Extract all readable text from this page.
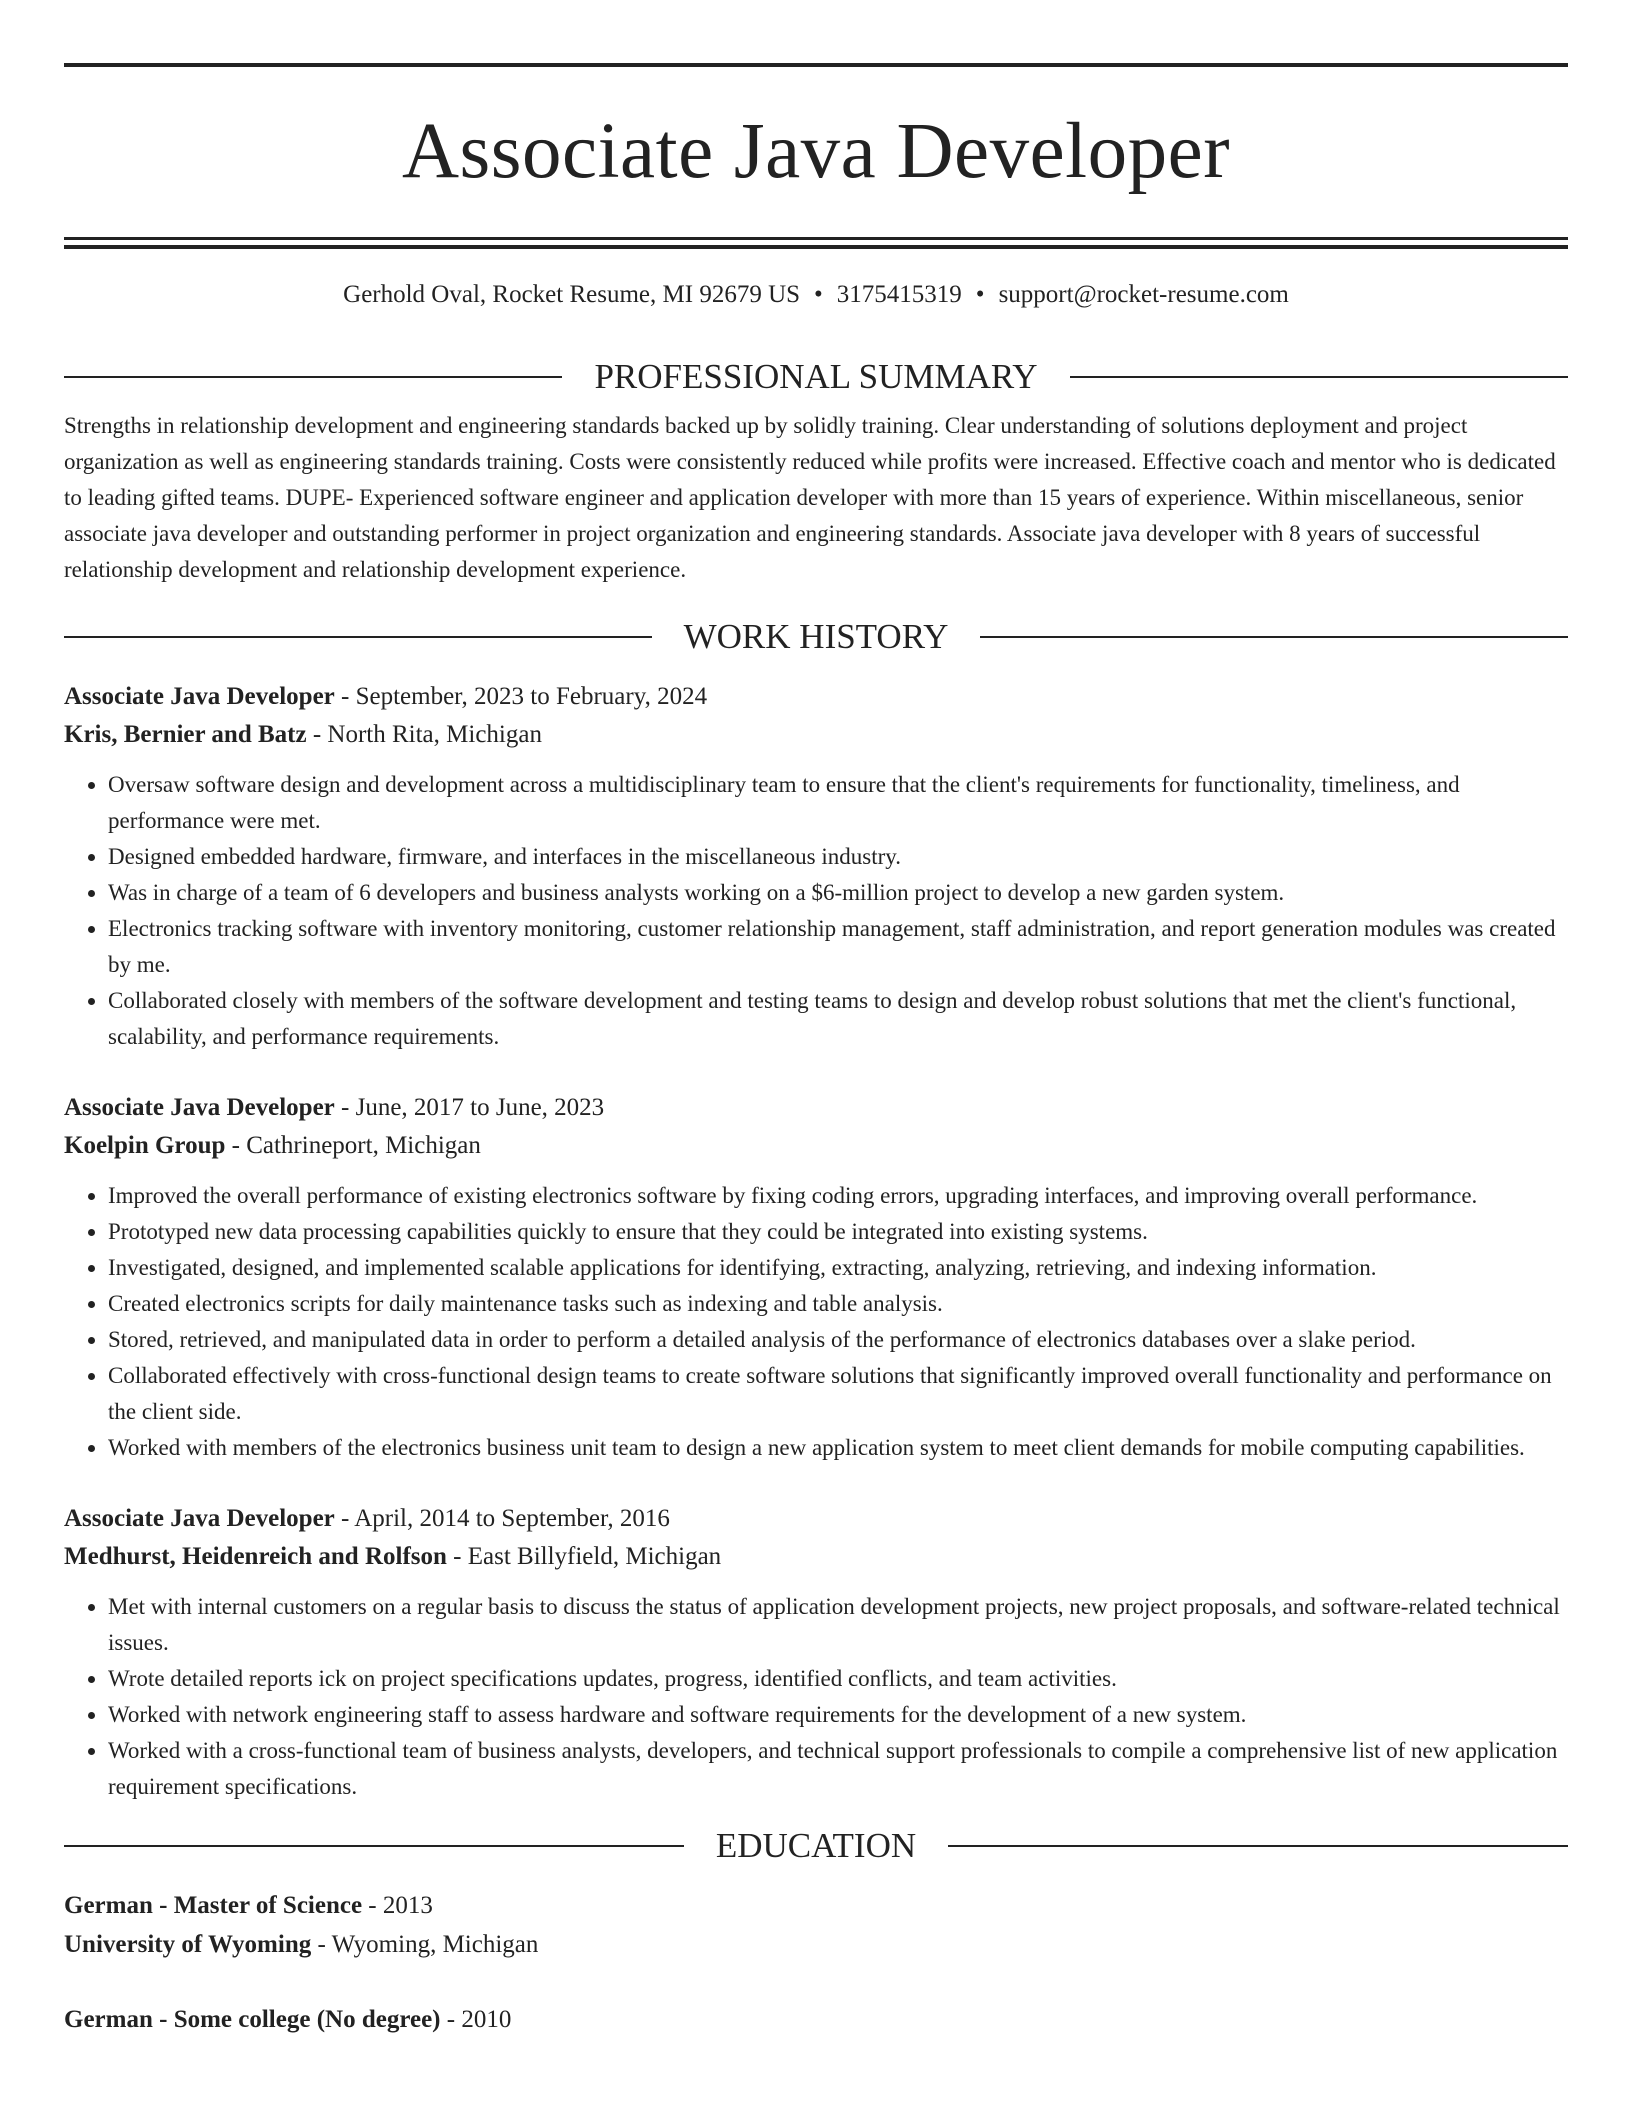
Associate Java Developer
Gerhold Oval, Rocket Resume, MI 92679 US • 3175415319 • support@rocket-resume.com
PROFESSIONAL SUMMARY
Strengths in relationship development and engineering standards backed up by solidly training. Clear understanding of solutions deployment and project organization as well as engineering standards training. Costs were consistently reduced while profits were increased. Effective coach and mentor who is dedicated to leading gifted teams. DUPE- Experienced software engineer and application developer with more than 15 years of experience. Within miscellaneous, senior associate java developer and outstanding performer in project organization and engineering standards. Associate java developer with 8 years of successful relationship development and relationship development experience.
WORK HISTORY
Associate Java Developer - September, 2023 to February, 2024
Kris, Bernier and Batz - North Rita, Michigan
• Oversaw software design and development across a multidisciplinary team to ensure that the client's requirements for functionality, timeliness, and performance were met.
• Designed embedded hardware, firmware, and interfaces in the miscellaneous industry.
• Was in charge of a team of 6 developers and business analysts working on a $6-million project to develop a new garden system.
• Electronics tracking software with inventory monitoring, customer relationship management, staff administration, and report generation modules was created by me.
• Collaborated closely with members of the software development and testing teams to design and develop robust solutions that met the client's functional, scalability, and performance requirements.
Associate Java Developer - June, 2017 to June, 2023
Koelpin Group - Cathrineport, Michigan
• Improved the overall performance of existing electronics software by fixing coding errors, upgrading interfaces, and improving overall performance.
• Prototyped new data processing capabilities quickly to ensure that they could be integrated into existing systems.
• Investigated, designed, and implemented scalable applications for identifying, extracting, analyzing, retrieving, and indexing information.
• Created electronics scripts for daily maintenance tasks such as indexing and table analysis.
• Stored, retrieved, and manipulated data in order to perform a detailed analysis of the performance of electronics databases over a slake period.
• Collaborated effectively with cross-functional design teams to create software solutions that significantly improved overall functionality and performance on the client side.
• Worked with members of the electronics business unit team to design a new application system to meet client demands for mobile computing capabilities.
Associate Java Developer - April, 2014 to September, 2016
Medhurst, Heidenreich and Rolfson - East Billyfield, Michigan
• Met with internal customers on a regular basis to discuss the status of application development projects, new project proposals, and software-related technical issues.
• Wrote detailed reports ick on project specifications updates, progress, identified conflicts, and team activities.
• Worked with network engineering staff to assess hardware and software requirements for the development of a new system.
• Worked with a cross-functional team of business analysts, developers, and technical support professionals to compile a comprehensive list of new application requirement specifications.
EDUCATION
German - Master of Science - 2013
University of Wyoming - Wyoming, Michigan
German - Some college (No degree) - 2010
